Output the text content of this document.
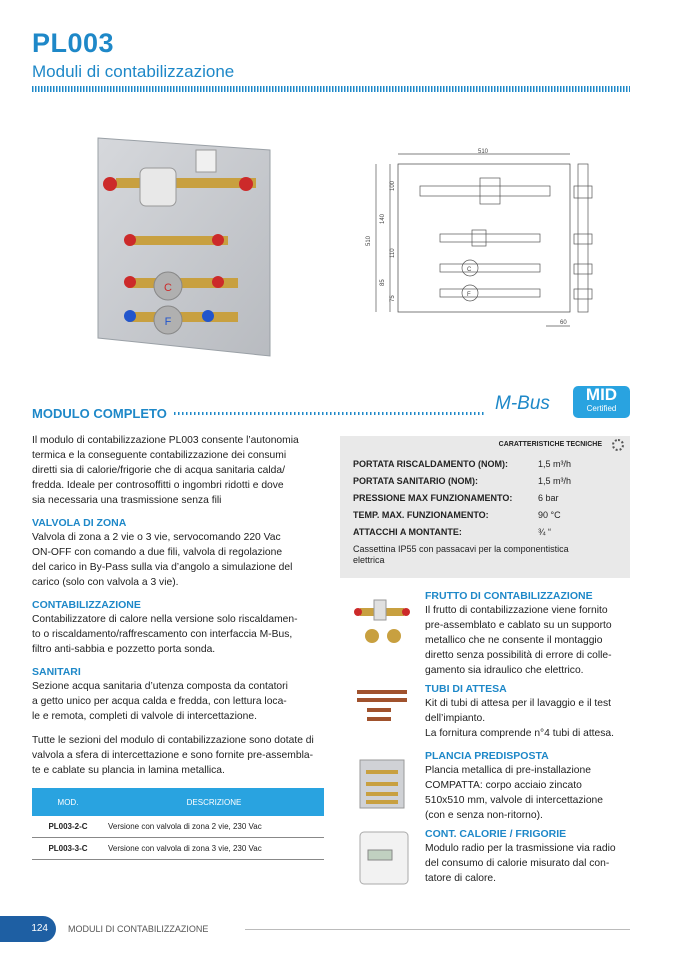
PL003
Moduli di contabilizzazione
C
F
510
510
100
140
110
85
75
C
F
60
MODULO COMPLETO	M-Bus	MID
Certified
Il modulo di contabilizzazione PL003 consente l’autonomia
termica e la conseguente contabilizzazione dei consumi
diretti sia di calorie/frigorie che di acqua sanitaria calda/
fredda. Ideale per controsoffitti o ingombri ridotti e dove
sia necessaria una trasmissione senza fili
VALVOLA DI ZONA
Valvola di zona a 2 vie o 3 vie, servocomando 220 Vac
ON-OFF con comando a due fili, valvola di regolazione
del carico in By-Pass sulla via d’angolo a simulazione del
carico (solo con valvola a 3 vie).
CONTABILIZZAZIONE
Contabilizzatore di calore nella versione solo riscaldamen-
to o riscaldamento/raffrescamento con interfaccia M-Bus,
filtro anti-sabbia e pozzetto porta sonda.
SANITARI
Sezione acqua sanitaria d’utenza composta da contatori
a getto unico per acqua calda e fredda, con lettura loca-
le e remota, completi di valvole di intercettazione.
Tutte le sezioni del modulo di contabilizzazione sono dotate di
valvola a sfera di intercettazione e sono fornite pre-assembla-
te e cablate su plancia in lamina metallica.
MOD.	DESCRIZIONE
PL003-2-C	Versione con valvola di zona 2 vie, 230 Vac
PL003-3-C	Versione con valvola di zona 3 vie, 230 Vac
CARATTERISTICHE TECNICHE
PORTATA RISCALDAMENTO (NOM):	1,5 m³/h
PORTATA SANITARIO (NOM):	1,5 m³/h
PRESSIONE MAX FUNZIONAMENTO:	6 bar
TEMP. MAX. FUNZIONAMENTO:	90 °C
ATTACCHI A MONTANTE:	¾ “
Cassettina IP55 con passacavi per la componentistica
elettrica
FRUTTO DI CONTABILIZZAZIONE
Il frutto di contabilizzazione viene fornito
pre-assemblato e cablato su un supporto
metallico che ne consente il montaggio
diretto senza possibilità di errore di colle-
gamento sia idraulico che elettrico.
TUBI DI ATTESA
Kit di tubi di attesa per il lavaggio e il test
dell’impianto.
La fornitura comprende n°4 tubi di attesa.
PLANCIA PREDISPOSTA
Plancia metallica di pre-installazione
COMPATTA: corpo acciaio zincato
510x510 mm, valvole di intercettazione
(con e senza non-ritorno).
CONT. CALORIE / FRIGORIE
Modulo radio per la trasmissione via radio
del consumo di calorie misurato dal con-
tatore di calore.
124	MODULI DI CONTABILIZZAZIONE
